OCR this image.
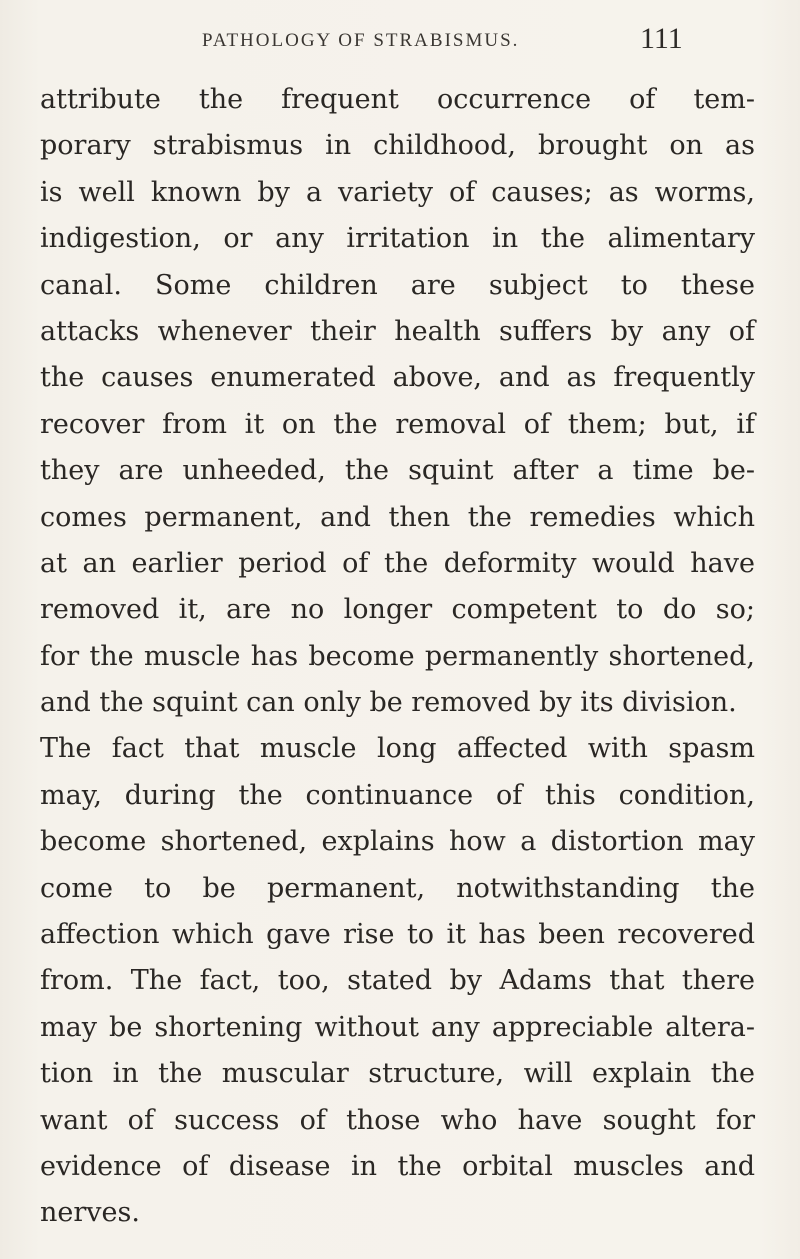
PATHOLOGY OF STRABISMUS.	111
attribute the frequent occurrence of tem-
porary strabismus in childhood, brought on as
is well known by a variety of causes; as worms,
indigestion, or any irritation in the alimentary
canal. Some children are subject to these
attacks whenever their health suffers by any of
the causes enumerated above, and as frequently
recover from it on the removal of them; but, if
they are unheeded, the squint after a time be-
comes permanent, and then the remedies which
at an earlier period of the deformity would have
removed it, are no longer competent to do so;
for the muscle has become permanently shortened,
and the squint can only be removed by its division.
The fact that muscle long affected with spasm
may, during the continuance of this condition,
become shortened, explains how a distortion may
come to be permanent, notwithstanding the
affection which gave rise to it has been recovered
from. The fact, too, stated by Adams that there
may be shortening without any appreciable altera-
tion in the muscular structure, will explain the
want of success of those who have sought for
evidence of disease in the orbital muscles and
nerves.
